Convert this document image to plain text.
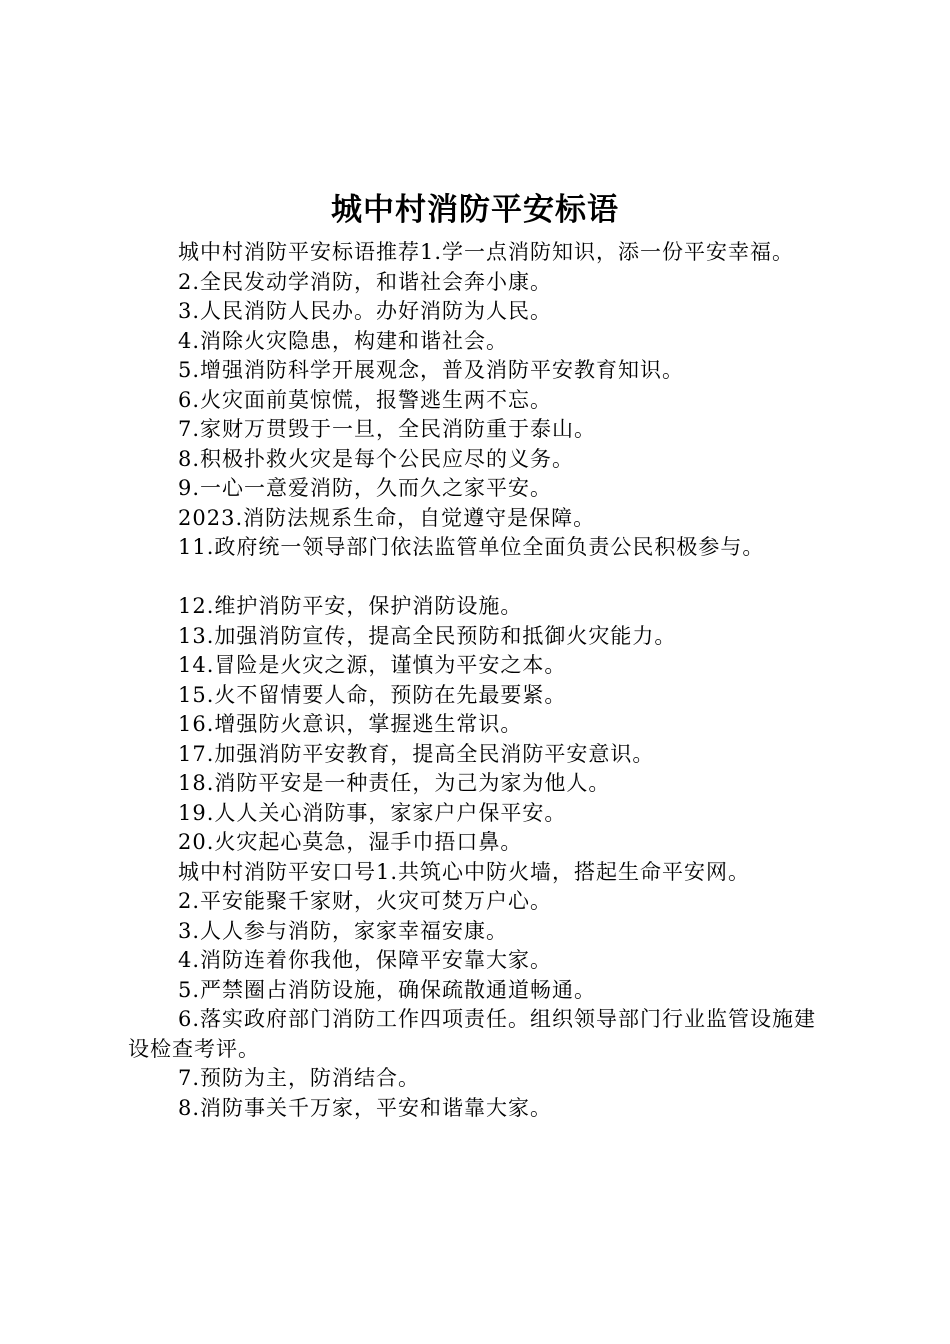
城中村消防平安标语

城中村消防平安标语推荐1.学一点消防知识，添一份平安幸福。

2.全民发动学消防，和谐社会奔小康。

3.人民消防人民办。办好消防为人民。

4.消除火灾隐患，构建和谐社会。

5.增强消防科学开展观念，普及消防平安教育知识。

6.火灾面前莫惊慌，报警逃生两不忘。

7.家财万贯毁于一旦，全民消防重于泰山。

8.积极扑救火灾是每个公民应尽的义务。

9.一心一意爱消防，久而久之家平安。

2023.消防法规系生命，自觉遵守是保障。

11.政府统一领导部门依法监管单位全面负责公民积极参与。

12.维护消防平安，保护消防设施。

13.加强消防宣传，提高全民预防和抵御火灾能力。

14.冒险是火灾之源，谨慎为平安之本。

15.火不留情要人命，预防在先最要紧。

16.增强防火意识，掌握逃生常识。

17.加强消防平安教育，提高全民消防平安意识。

18.消防平安是一种责任，为己为家为他人。

19.人人关心消防事，家家户户保平安。

20.火灾起心莫急，湿手巾捂口鼻。

城中村消防平安口号1.共筑心中防火墙，搭起生命平安网。

2.平安能聚千家财，火灾可焚万户心。

3.人人参与消防，家家幸福安康。

4.消防连着你我他，保障平安靠大家。

5.严禁圈占消防设施，确保疏散通道畅通。

6.落实政府部门消防工作四项责任。组织领导部门行业监管设施建设检查考评。

7.预防为主，防消结合。

8.消防事关千万家，平安和谐靠大家。
